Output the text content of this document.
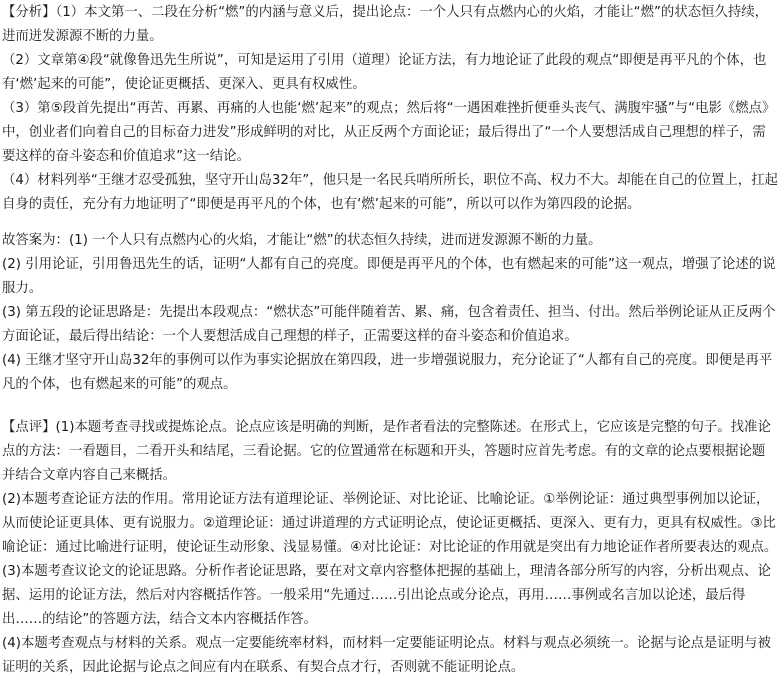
【分析】（1）本文第一、二段在分析“燃”的内涵与意义后，提出论点：一个人只有点燃内心的火焰，才能让“燃”的状态恒久持续，进而迸发源源不断的力量。

（2）文章第④段“就像鲁迅先生所说”，可知是运用了引用（道理）论证方法，有力地论证了此段的观点“即便是再平凡的个体，也有‘燃’起来的可能”，使论证更概括、更深入、更具有权威性。

（3）第⑤段首先提出“再苦、再累、再痛的人也能‘燃’起来”的观点；然后将“一遇困难挫折便垂头丧气、满腹牢骚”与“电影《燃点》中，创业者们向着自己的目标奋力进发”形成鲜明的对比，从正反两个方面论证；最后得出了“一个人要想活成自己理想的样子，需要这样的奋斗姿态和价值追求”这一结论。

（4）材料列举“王继才忍受孤独，坚守开山岛32年”，他只是一名民兵哨所所长，职位不高、权力不大。却能在自己的位置上，扛起自身的责任，充分有力地证明了“即便是再平凡的个体，也有‘燃’起来的可能”，所以可以作为第四段的论据。

故答案为：(1) 一个人只有点燃内心的火焰，才能让“燃”的状态恒久持续，进而迸发源源不断的力量。

(2) 引用论证，引用鲁迅先生的话，证明“人都有自己的亮度。即便是再平凡的个体，也有燃起来的可能”这一观点，增强了论述的说服力。

(3) 第五段的论证思路是：先提出本段观点：“燃状态”可能伴随着苦、累、痛，包含着责任、担当、付出。然后举例论证从正反两个方面论证，最后得出结论：一个人要想活成自己理想的样子，正需要这样的奋斗姿态和价值追求。

(4) 王继才坚守开山岛32年的事例可以作为事实论据放在第四段，进一步增强说服力，充分论证了“人都有自己的亮度。即便是再平凡的个体，也有燃起来的可能”的观点。

【点评】(1)本题考查寻找或提炼论点。论点应该是明确的判断，是作者看法的完整陈述。在形式上，它应该是完整的句子。找准论点的方法：一看题目，二看开头和结尾，三看论据。它的位置通常在标题和开头，答题时应首先考虑。有的文章的论点要根据论题并结合文章内容自己来概括。

(2)本题考查论证方法的作用。常用论证方法有道理论证、举例论证、对比论证、比喻论证。①举例论证：通过典型事例加以论证，从而使论证更具体、更有说服力。②道理论证：通过讲道理的方式证明论点，使论证更概括、更深入、更有力，更具有权威性。③比喻论证：通过比喻进行证明，使论证生动形象、浅显易懂。④对比论证：对比论证的作用就是突出有力地论证作者所要表达的观点。

(3)本题考查议论文的论证思路。分析作者论证思路，要在对文章内容整体把握的基础上，理清各部分所写的内容，分析出观点、论据、运用的论证方法，然后对内容概括作答。一般采用“先通过……引出论点或分论点，再用……事例或名言加以论述，最后得出……的结论”的答题方法，结合文本内容概括作答。

(4)本题考查观点与材料的关系。观点一定要能统率材料，而材料一定要能证明论点。材料与观点必须统一。论据与论点是证明与被证明的关系，因此论据与论点之间应有内在联系、有契合点才行，否则就不能证明论点。
